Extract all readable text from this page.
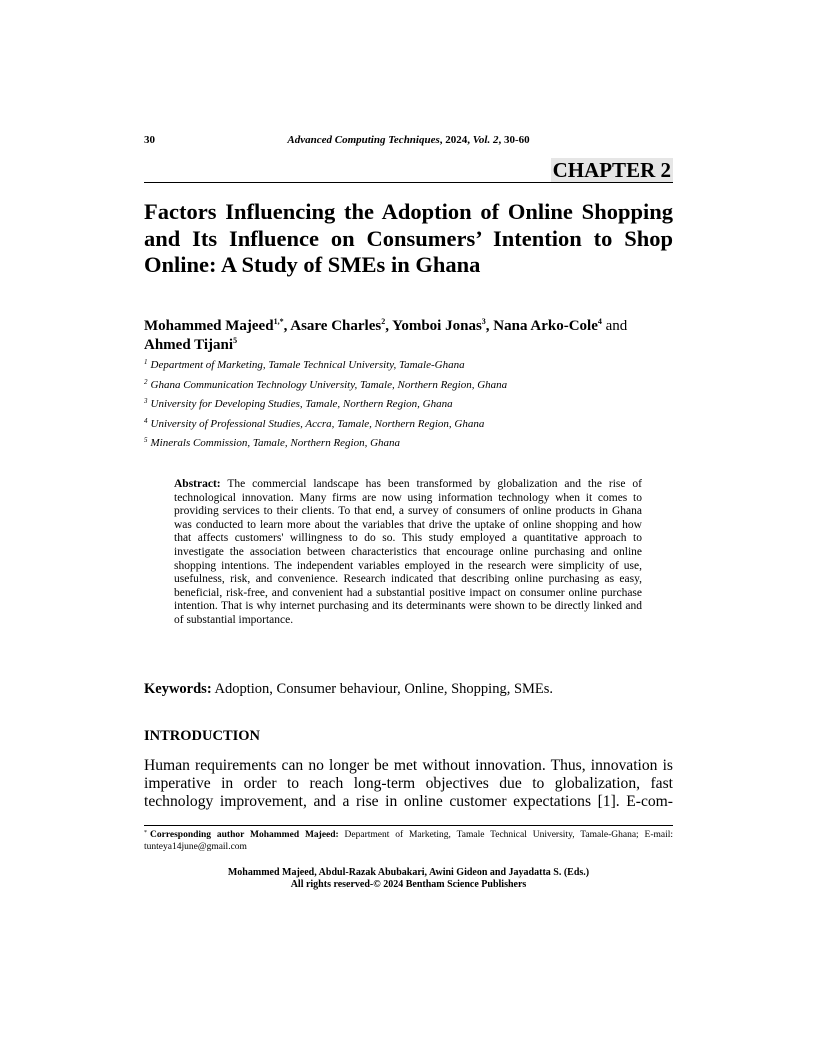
30	Advanced Computing Techniques, 2024, Vol. 2, 30-60
CHAPTER 2
Factors Influencing the Adoption of Online Shopping and Its Influence on Consumers’ Intention to Shop Online: A Study of SMEs in Ghana
Mohammed Majeed$^{1,*}$, Asare Charles$^2$, Yomboi Jonas$^3$, Nana Arko-Cole$^4$ and Ahmed Tijani$^5$
$^1$ Department of Marketing, Tamale Technical University, Tamale-Ghana
$^2$ Ghana Communication Technology University, Tamale, Northern Region, Ghana
$^3$ University for Developing Studies, Tamale, Northern Region, Ghana
$^4$ University of Professional Studies, Accra, Tamale, Northern Region, Ghana
$^5$ Minerals Commission, Tamale, Northern Region, Ghana

Abstract: The commercial landscape has been transformed by globalization and the rise of technological innovation. Many firms are now using information technology when it comes to providing services to their clients. To that end, a survey of consumers of online products in Ghana was conducted to learn more about the variables that drive the uptake of online shopping and how that affects customers' willingness to do so. This study employed a quantitative approach to investigate the association between characteristics that encourage online purchasing and online shopping intentions. The independent variables employed in the research were simplicity of use, usefulness, risk, and convenience. Research indicated that describing online purchasing as easy, beneficial, risk-free, and convenient had a substantial positive impact on consumer online purchase intention. That is why internet purchasing and its determinants were shown to be directly linked and of substantial importance.

Keywords: Adoption, Consumer behaviour, Online, Shopping, SMEs.
INTRODUCTION

Human requirements can no longer be met without innovation. Thus, innovation is imperative in order to reach long-term objectives due to globalization, fast technology improvement, and a rise in online customer expectations [1]. E-com-

* Corresponding author Mohammed Majeed: Department of Marketing, Tamale Technical University, Tamale-Ghana; E-mail: tunteya14june@gmail.com

Mohammed Majeed, Abdul-Razak Abubakari, Awini Gideon and Jayadatta S. (Eds.)
All rights reserved-© 2024 Bentham Science Publishers
